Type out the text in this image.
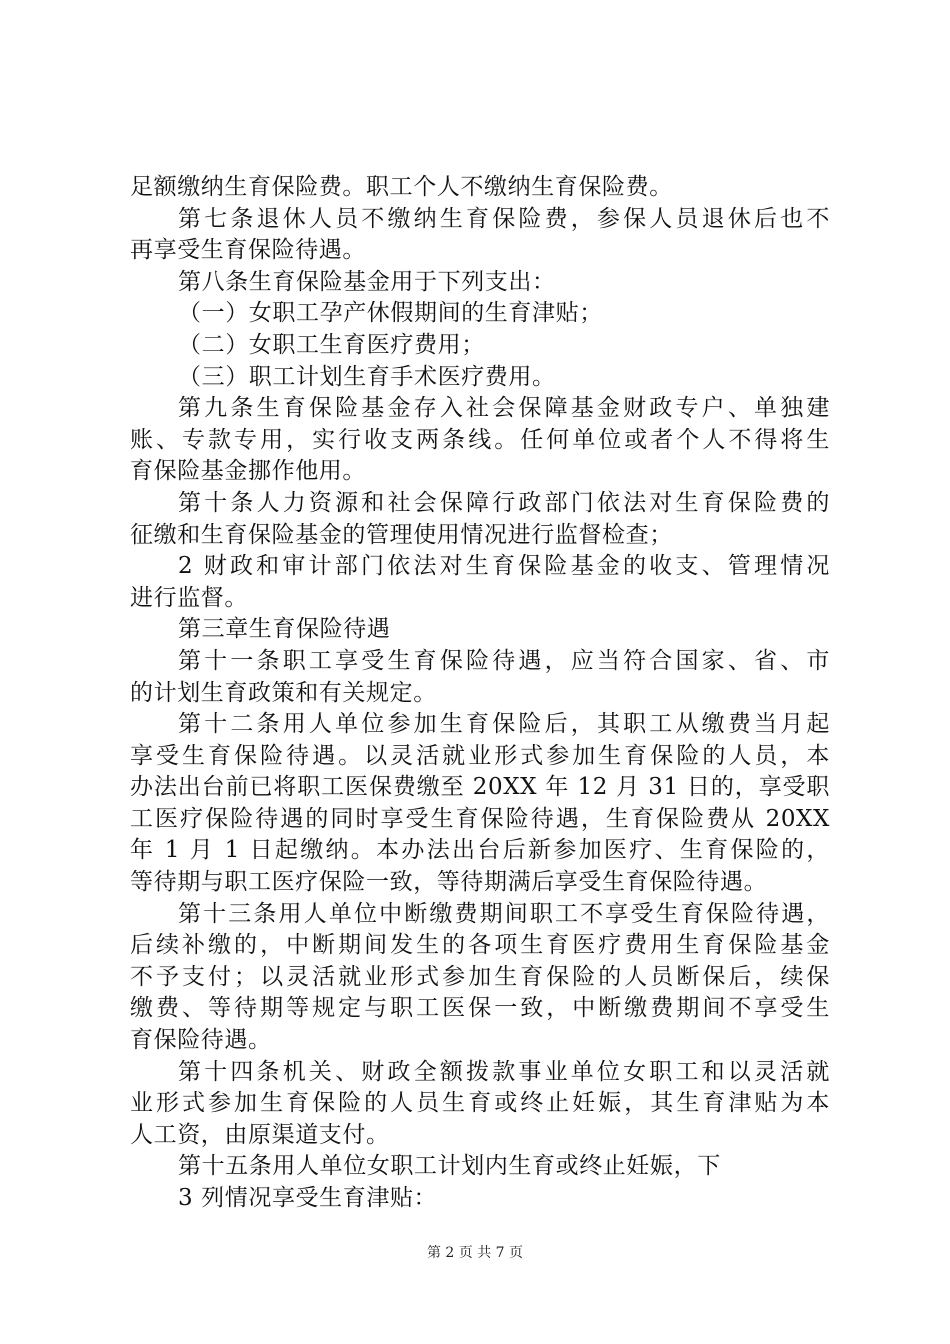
足额缴纳生育保险费。职工个人不缴纳生育保险费。
第七条退休人员不缴纳生育保险费，参保人员退休后也不
再享受生育保险待遇。
第八条生育保险基金用于下列支出：
（一）女职工孕产休假期间的生育津贴；
（二）女职工生育医疗费用；
（三）职工计划生育手术医疗费用。
第九条生育保险基金存入社会保障基金财政专户、单独建
账、专款专用，实行收支两条线。任何单位或者个人不得将生
育保险基金挪作他用。
第十条人力资源和社会保障行政部门依法对生育保险费的
征缴和生育保险基金的管理使用情况进行监督检查；
2 财政和审计部门依法对生育保险基金的收支、管理情况
进行监督。
第三章生育保险待遇
第十一条职工享受生育保险待遇，应当符合国家、省、市
的计划生育政策和有关规定。
第十二条用人单位参加生育保险后，其职工从缴费当月起
享受生育保险待遇。以灵活就业形式参加生育保险的人员，本
办法出台前已将职工医保费缴至 20XX 年 12 月 31 日的，享受职
工医疗保险待遇的同时享受生育保险待遇，生育保险费从 20XX
年 1 月 1 日起缴纳。本办法出台后新参加医疗、生育保险的，
等待期与职工医疗保险一致，等待期满后享受生育保险待遇。
第十三条用人单位中断缴费期间职工不享受生育保险待遇，
后续补缴的，中断期间发生的各项生育医疗费用生育保险基金
不予支付；以灵活就业形式参加生育保险的人员断保后，续保
缴费、等待期等规定与职工医保一致，中断缴费期间不享受生
育保险待遇。
第十四条机关、财政全额拨款事业单位女职工和以灵活就
业形式参加生育保险的人员生育或终止妊娠，其生育津贴为本
人工资，由原渠道支付。
第十五条用人单位女职工计划内生育或终止妊娠，下
3 列情况享受生育津贴：
第 2 页 共 7 页
